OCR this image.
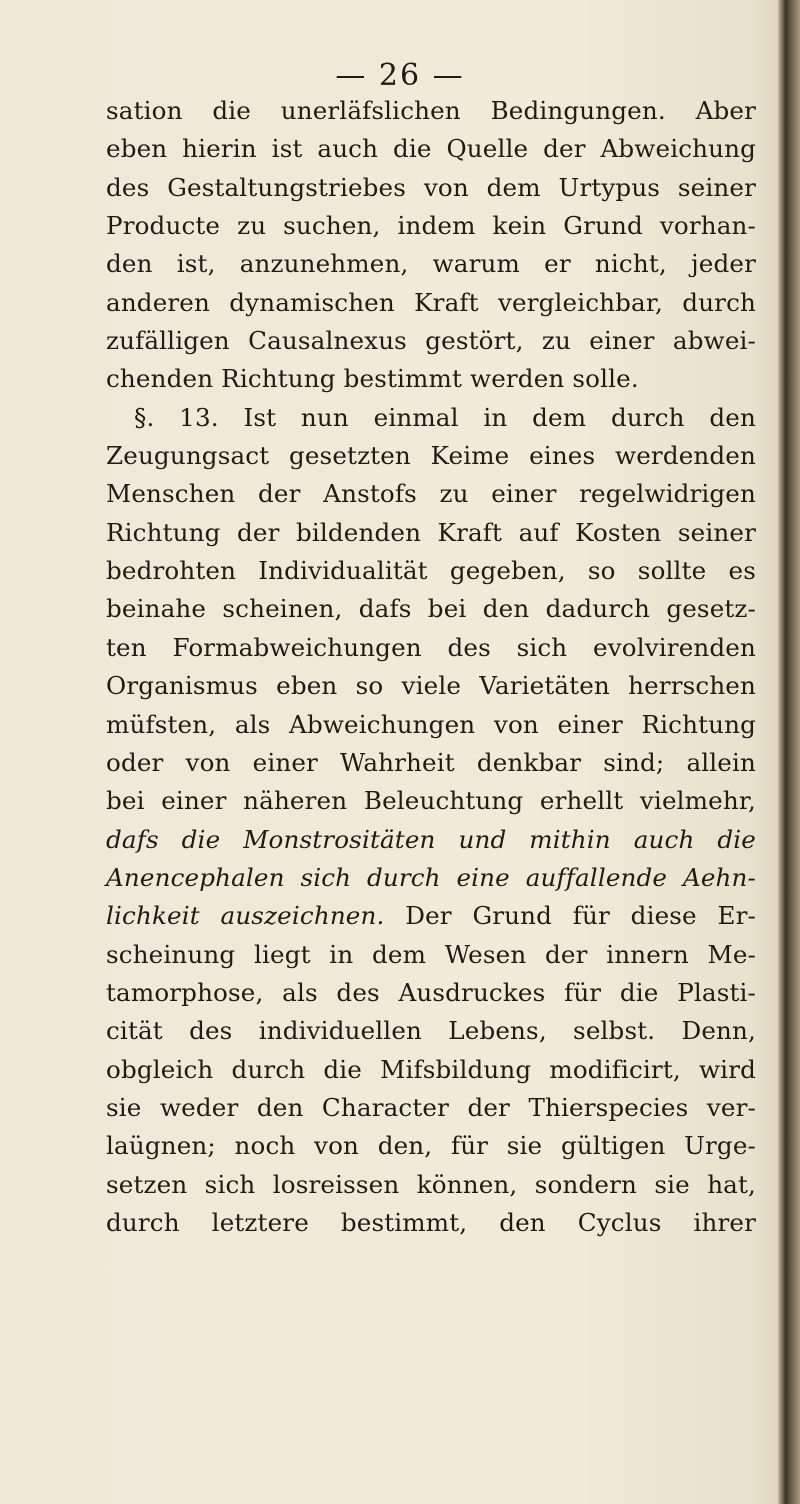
— 26 —
sation die unerläfslichen Bedingungen. Aber
eben hierin ist auch die Quelle der Abweichung
des Gestaltungstriebes von dem Urtypus seiner
Producte zu suchen, indem kein Grund vorhan-
den ist, anzunehmen, warum er nicht, jeder
anderen dynamischen Kraft vergleichbar, durch
zufälligen Causalnexus gestört, zu einer abwei-
chenden Richtung bestimmt werden solle.
§. 13. Ist nun einmal in dem durch den
Zeugungsact gesetzten Keime eines werdenden
Menschen der Anstofs zu einer regelwidrigen
Richtung der bildenden Kraft auf Kosten seiner
bedrohten Individualität gegeben, so sollte es
beinahe scheinen, dafs bei den dadurch gesetz-
ten Formabweichungen des sich evolvirenden
Organismus eben so viele Varietäten herrschen
müfsten, als Abweichungen von einer Richtung
oder von einer Wahrheit denkbar sind; allein
bei einer näheren Beleuchtung erhellt vielmehr,
dafs die Monstrositäten und mithin auch die
Anencephalen sich durch eine auffallende Aehn-
lichkeit auszeichnen. Der Grund für diese Er-
scheinung liegt in dem Wesen der innern Me-
tamorphose, als des Ausdruckes für die Plasti-
cität des individuellen Lebens, selbst. Denn,
obgleich durch die Mifsbildung modificirt, wird
sie weder den Character der Thierspecies ver-
laügnen; noch von den, für sie gültigen Urge-
setzen sich losreissen können, sondern sie hat,
durch letztere bestimmt, den Cyclus ihrer
